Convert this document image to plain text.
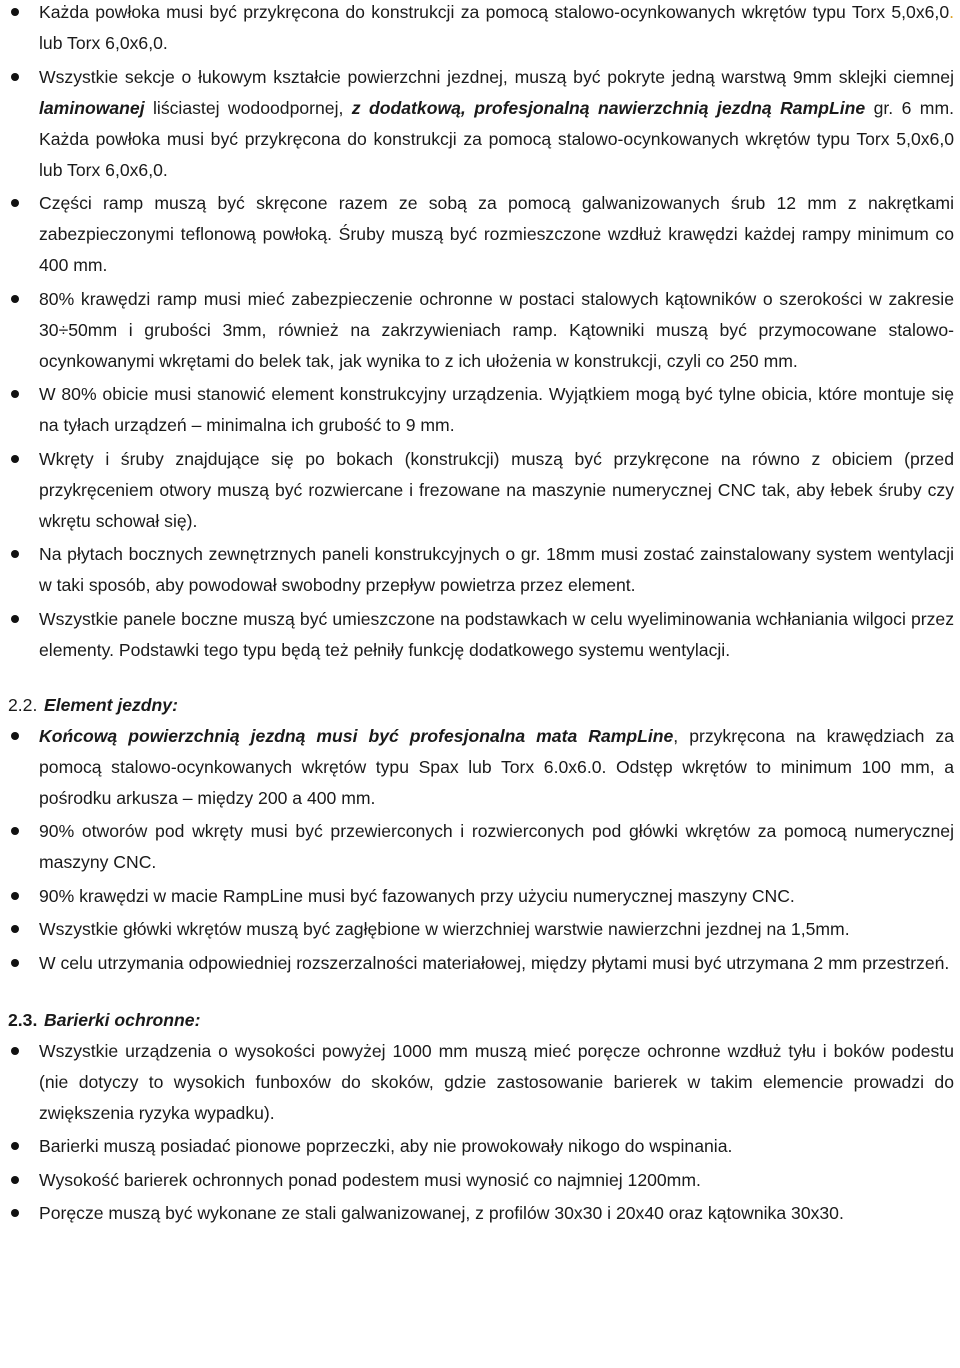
Każda powłoka musi być przykręcona do konstrukcji za pomocą stalowo-ocynkowanych wkrętów typu Torx 5,0x6,0. lub Torx 6,0x6,0.
Wszystkie sekcje o łukowym kształcie powierzchni jezdnej, muszą być pokryte jedną warstwą 9mm sklejki ciemnej laminowanej liściastej wodoodpornej, z dodatkową, profesjonalną nawierzchnią jezdną RampLine gr. 6 mm. Każda powłoka musi być przykręcona do konstrukcji za pomocą stalowo-ocynkowanych wkrętów typu Torx 5,0x6,0 lub Torx 6,0x6,0.
Części ramp muszą być skręcone razem ze sobą za pomocą galwanizowanych śrub 12 mm z nakrętkami zabezpieczonymi teflonową powłoką. Śruby muszą być rozmieszczone wzdłuż krawędzi każdej rampy minimum co 400 mm.
80% krawędzi ramp musi mieć zabezpieczenie ochronne w postaci stalowych kątowników o szerokości w zakresie 30÷50mm i grubości 3mm, również na zakrzywieniach ramp. Kątowniki muszą być przymocowane stalowo-ocynkowanymi wkrętami do belek tak, jak wynika to z ich ułożenia w konstrukcji, czyli co 250 mm.
W 80% obicie musi stanowić element konstrukcyjny urządzenia. Wyjątkiem mogą być tylne obicia, które montuje się na tyłach urządzeń – minimalna ich grubość to 9 mm.
Wkręty i śruby znajdujące się po bokach (konstrukcji) muszą być przykręcone na równo z obiciem (przed przykręceniem otwory muszą być rozwiercane i frezowane na maszynie numerycznej CNC tak, aby łebek śruby czy wkrętu schował się).
Na płytach bocznych zewnętrznych paneli konstrukcyjnych o gr. 18mm musi zostać zainstalowany system wentylacji w taki sposób, aby powodował swobodny przepływ powietrza przez element.
Wszystkie panele boczne muszą być umieszczone na podstawkach w celu wyeliminowania wchłaniania wilgoci przez elementy. Podstawki tego typu będą też pełniły funkcję dodatkowego systemu wentylacji.
2.2. Element jezdny:
Końcową powierzchnią jezdną musi być profesjonalna mata RampLine, przykręcona na krawędziach za pomocą stalowo-ocynkowanych wkrętów typu Spax lub Torx 6.0x6.0. Odstęp wkrętów to minimum 100 mm, a pośrodku arkusza – między 200 a 400 mm.
90% otworów pod wkręty musi być przewierconych i rozwierconych pod główki wkrętów za pomocą numerycznej maszyny CNC.
90% krawędzi w macie RampLine musi być fazowanych przy użyciu numerycznej maszyny CNC.
Wszystkie główki wkrętów muszą być zagłębione w wierzchniej warstwie nawierzchni jezdnej na 1,5mm.
W celu utrzymania odpowiedniej rozszerzalności materiałowej, między płytami musi być utrzymana 2 mm przestrzeń.
2.3. Barierki ochronne:
Wszystkie urządzenia o wysokości powyżej 1000 mm muszą mieć poręcze ochronne wzdłuż tyłu i boków podestu (nie dotyczy to wysokich funboxów do skoków, gdzie zastosowanie barierek w takim elemencie prowadzi do zwiększenia ryzyka wypadku).
Barierki muszą posiadać pionowe poprzeczki, aby nie prowokowały nikogo do wspinania.
Wysokość barierek ochronnych ponad podestem musi wynosić co najmniej 1200mm.
Poręcze muszą być wykonane ze stali galwanizowanej, z profilów 30x30 i 20x40 oraz kątownika 30x30.
